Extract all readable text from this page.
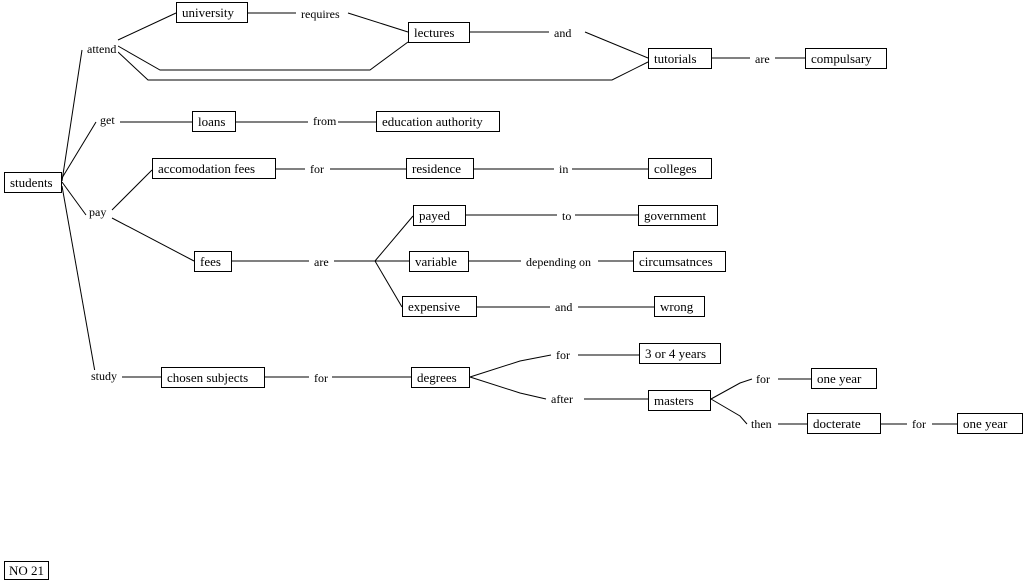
students
university
lectures
tutorials	compulsary
loans	education authority
accomodation fees	residence	colleges
fees
payed	government
variable	circumsatnces
expensive	wrong
chosen subjects	degrees
3 or 4 years
masters
one year
docterate	one year
attend
requires
and
are
get	from
pay
for	in
are
to
depending on
and
study	for
for
after
for
then	for
NO 21
